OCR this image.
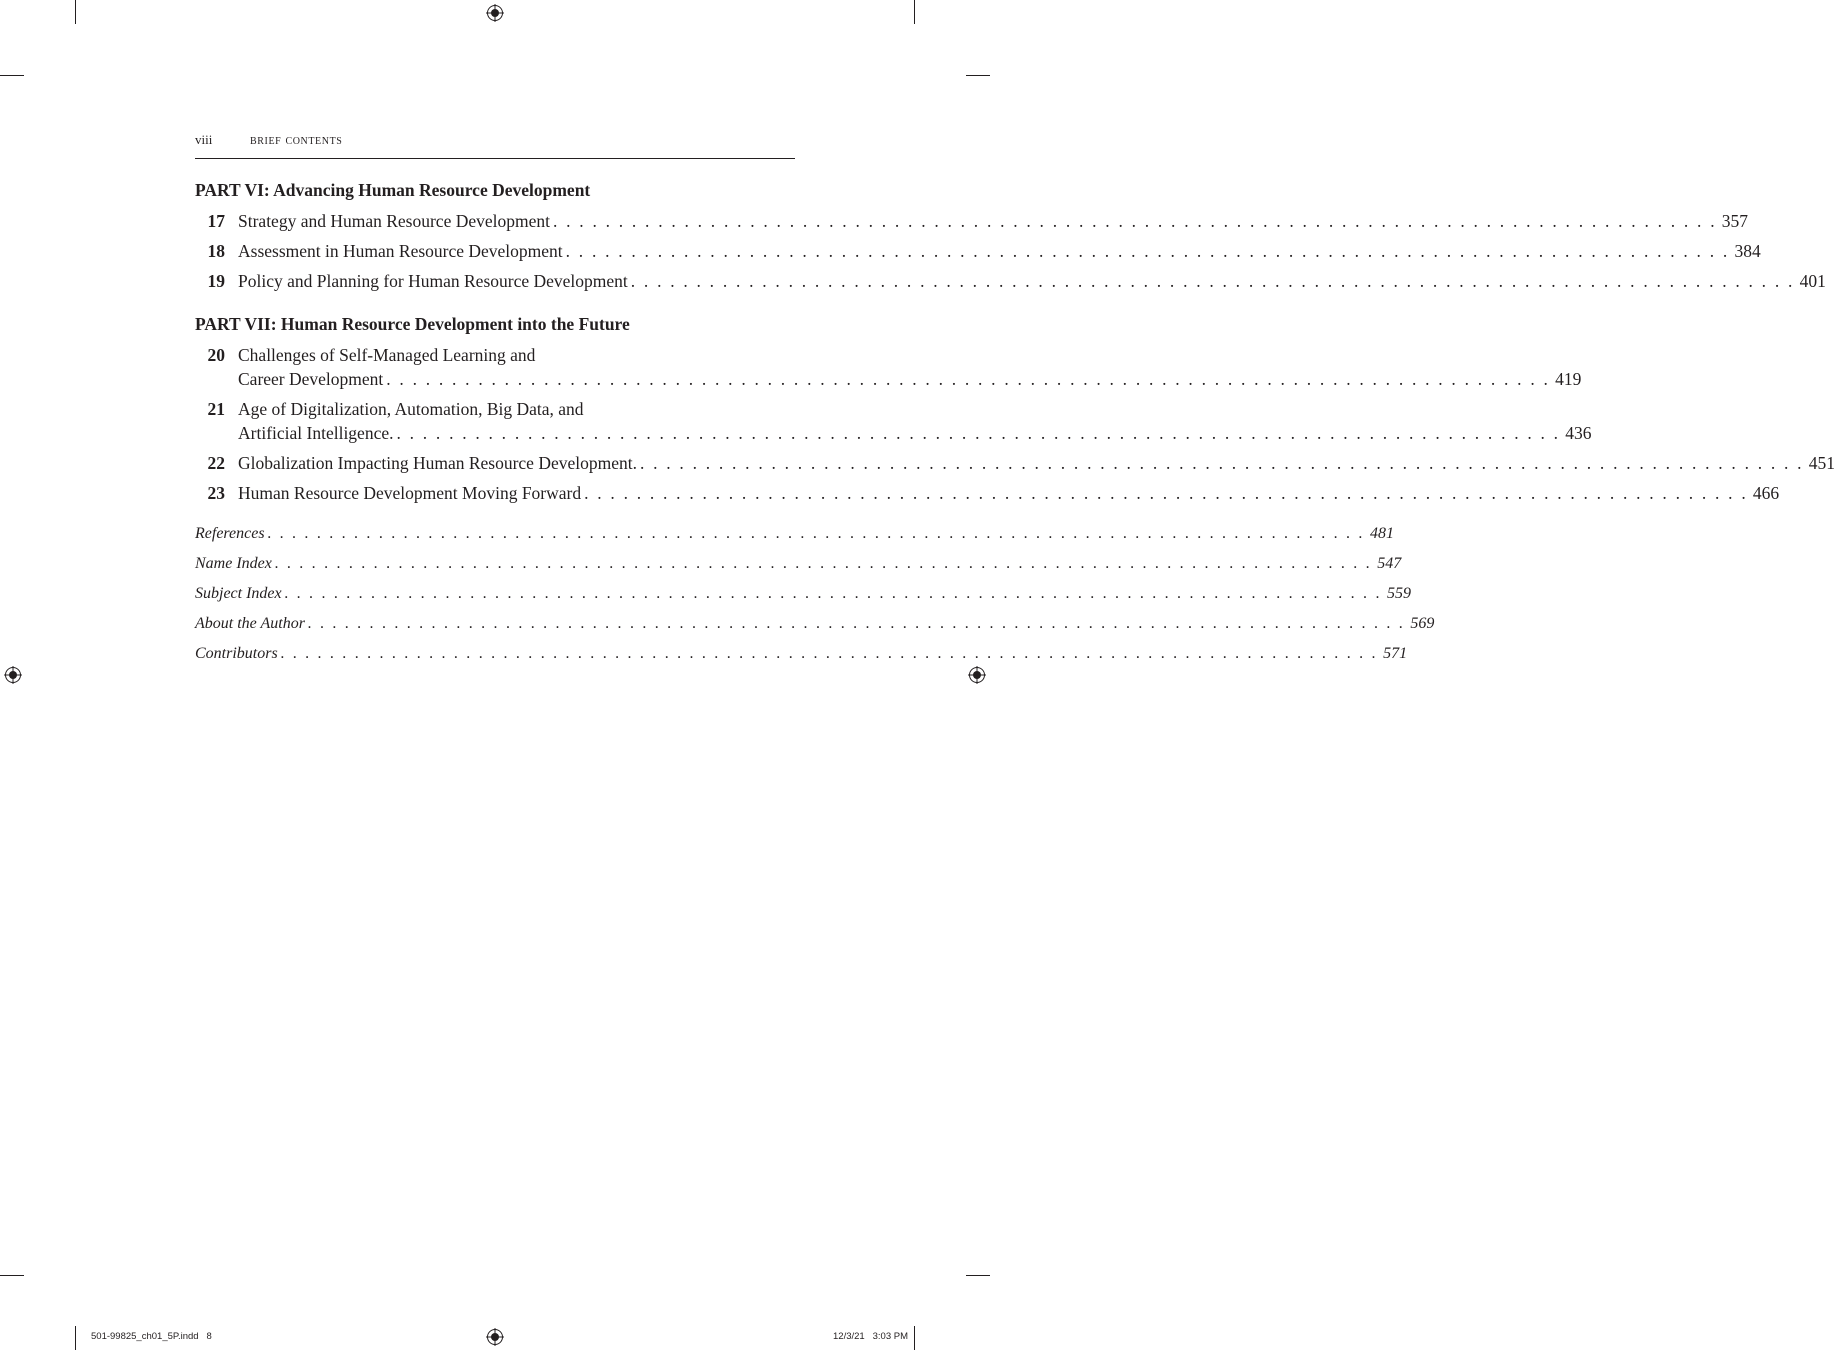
viii	brief contents
PART VI: Advancing Human Resource Development
17 Strategy and Human Resource Development . . .	357
18 Assessment in Human Resource Development . . .	384
19 Policy and Planning for Human Resource Development . . .	401
PART VII: Human Resource Development into the Future
20 Challenges of Self-Managed Learning and
Career Development . . .	419
21 Age of Digitalization, Automation, Big Data, and
Artificial Intelligence. . . .	436
22 Globalization Impacting Human Resource Development. . . .	451
23 Human Resource Development Moving Forward . . .	466
References . . .	481
Name Index . . .	547
Subject Index . . .	559
About the Author . . .	569
Contributors . . .	571
501-99825_ch01_5P.indd   8	12/3/21   3:03 PM
